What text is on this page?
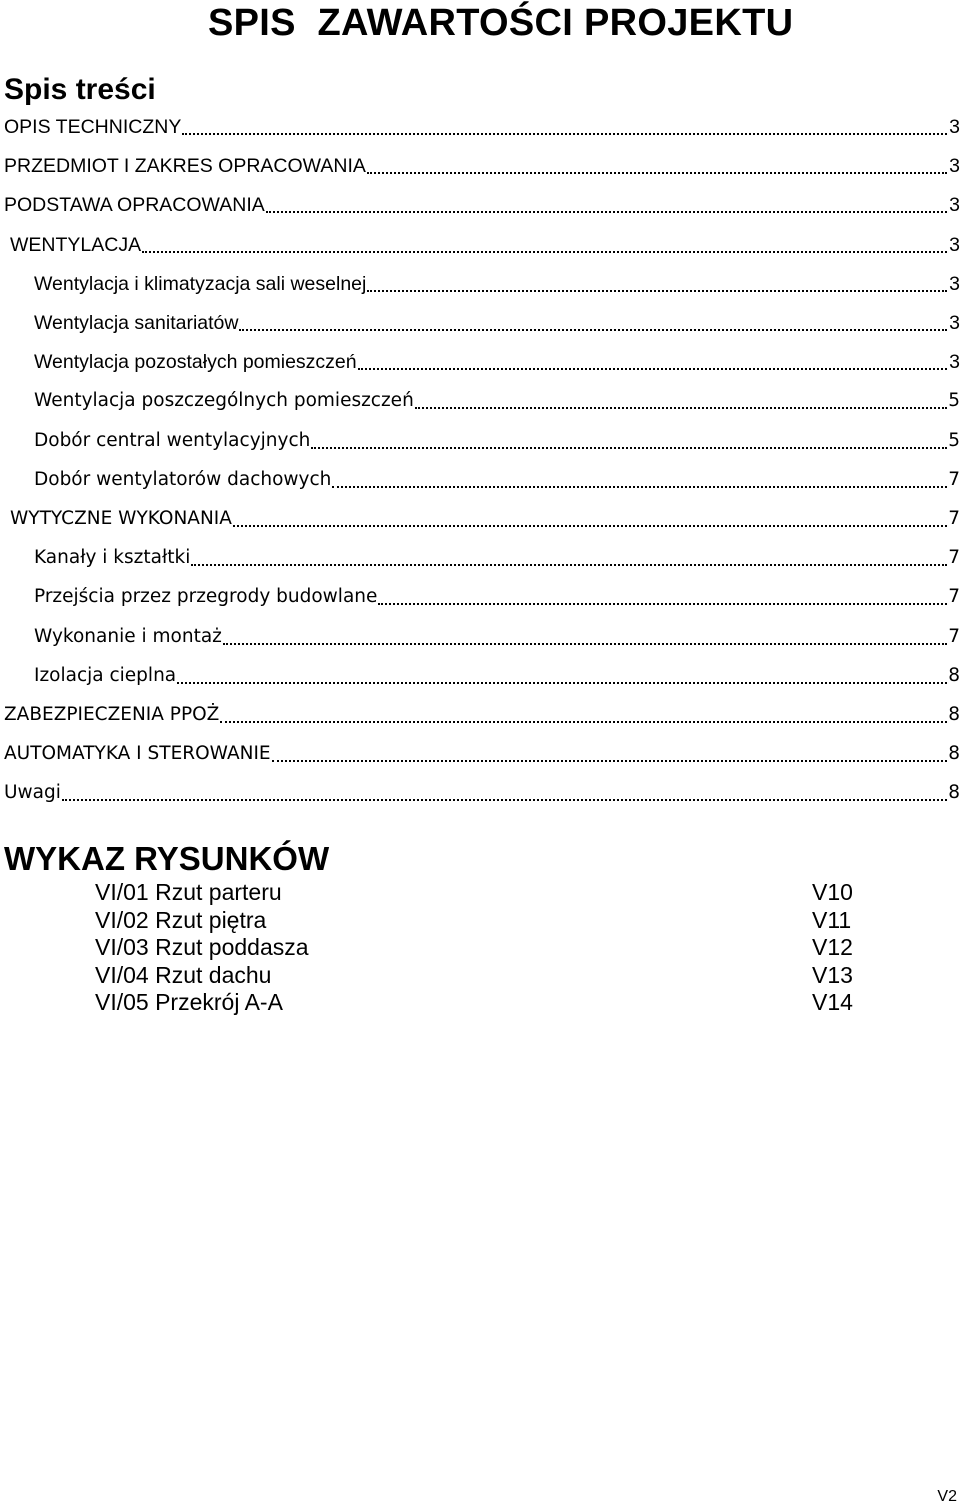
SPIS  ZAWARTOŚCI PROJEKTU
Spis treści
OPIS TECHNICZNY	3
PRZEDMIOT I ZAKRES OPRACOWANIA	3
PODSTAWA OPRACOWANIA	3
WENTYLACJA	3
Wentylacja i klimatyzacja sali weselnej	3
Wentylacja sanitariatów	3
Wentylacja pozostałych pomieszczeń	3
Wentylacja poszczególnych pomieszczeń	5
Dobór central wentylacyjnych	5
Dobór wentylatorów dachowych	7
WYTYCZNE WYKONANIA	7
Kanały i kształtki	7
Przejścia przez przegrody budowlane	7
Wykonanie i montaż	7
Izolacja cieplna	8
ZABEZPIECZENIA PPOŻ	8
AUTOMATYKA I STEROWANIE	8
Uwagi	8
WYKAZ RYSUNKÓW
VI/01 Rzut parteru	V10
VI/02 Rzut piętra	V11
VI/03 Rzut poddasza	V12
VI/04 Rzut dachu	V13
VI/05 Przekrój A-A	V14
V2
